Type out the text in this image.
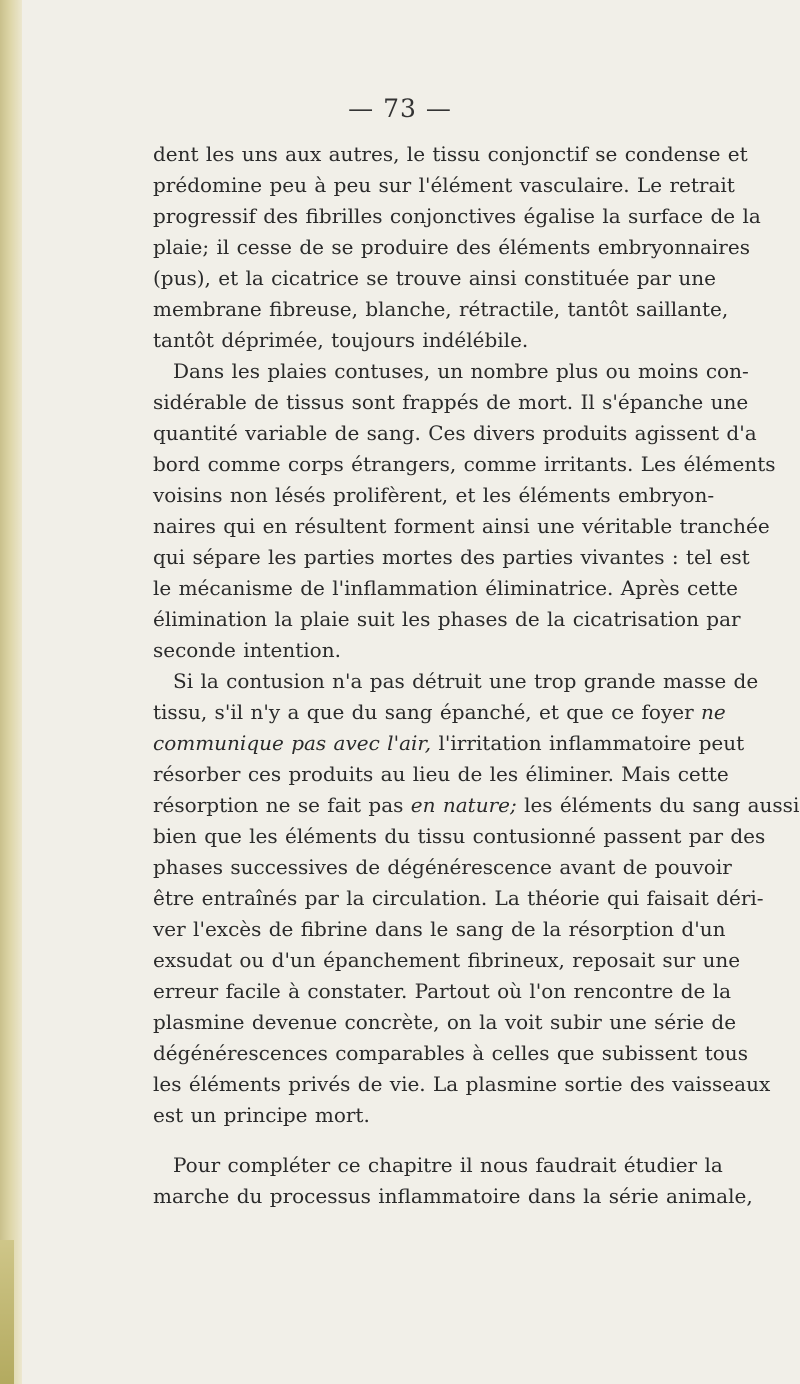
— 73 —
dent les uns aux autres, le tissu conjonctif se condense et
prédomine peu à peu sur l'élément vasculaire. Le retrait
progressif des fibrilles conjonctives égalise la surface de la
plaie; il cesse de se produire des éléments embryonnaires
(pus), et la cicatrice se trouve ainsi constituée par une
membrane fibreuse, blanche, rétractile, tantôt saillante,
tantôt déprimée, toujours indélébile.
Dans les plaies contuses, un nombre plus ou moins con-
sidérable de tissus sont frappés de mort. Il s'épanche une
quantité variable de sang. Ces divers produits agissent d'a
bord comme corps étrangers, comme irritants. Les éléments
voisins non lésés prolifèrent, et les éléments embryon-
naires qui en résultent forment ainsi une véritable tranchée
qui sépare les parties mortes des parties vivantes : tel est
le mécanisme de l'inflammation éliminatrice. Après cette
élimination la plaie suit les phases de la cicatrisation par
seconde intention.
Si la contusion n'a pas détruit une trop grande masse de
tissu, s'il n'y a que du sang épanché, et que ce foyer ne
communique pas avec l'air, l'irritation inflammatoire peut
résorber ces produits au lieu de les éliminer. Mais cette
résorption ne se fait pas en nature; les éléments du sang aussi
bien que les éléments du tissu contusionné passent par des
phases successives de dégénérescence avant de pouvoir
être entraînés par la circulation. La théorie qui faisait déri-
ver l'excès de fibrine dans le sang de la résorption d'un
exsudat ou d'un épanchement fibrineux, reposait sur une
erreur facile à constater. Partout où l'on rencontre de la
plasmine devenue concrète, on la voit subir une série de
dégénérescences comparables à celles que subissent tous
les éléments privés de vie. La plasmine sortie des vaisseaux
est un principe mort.
Pour compléter ce chapitre il nous faudrait étudier la
marche du processus inflammatoire dans la série animale,
